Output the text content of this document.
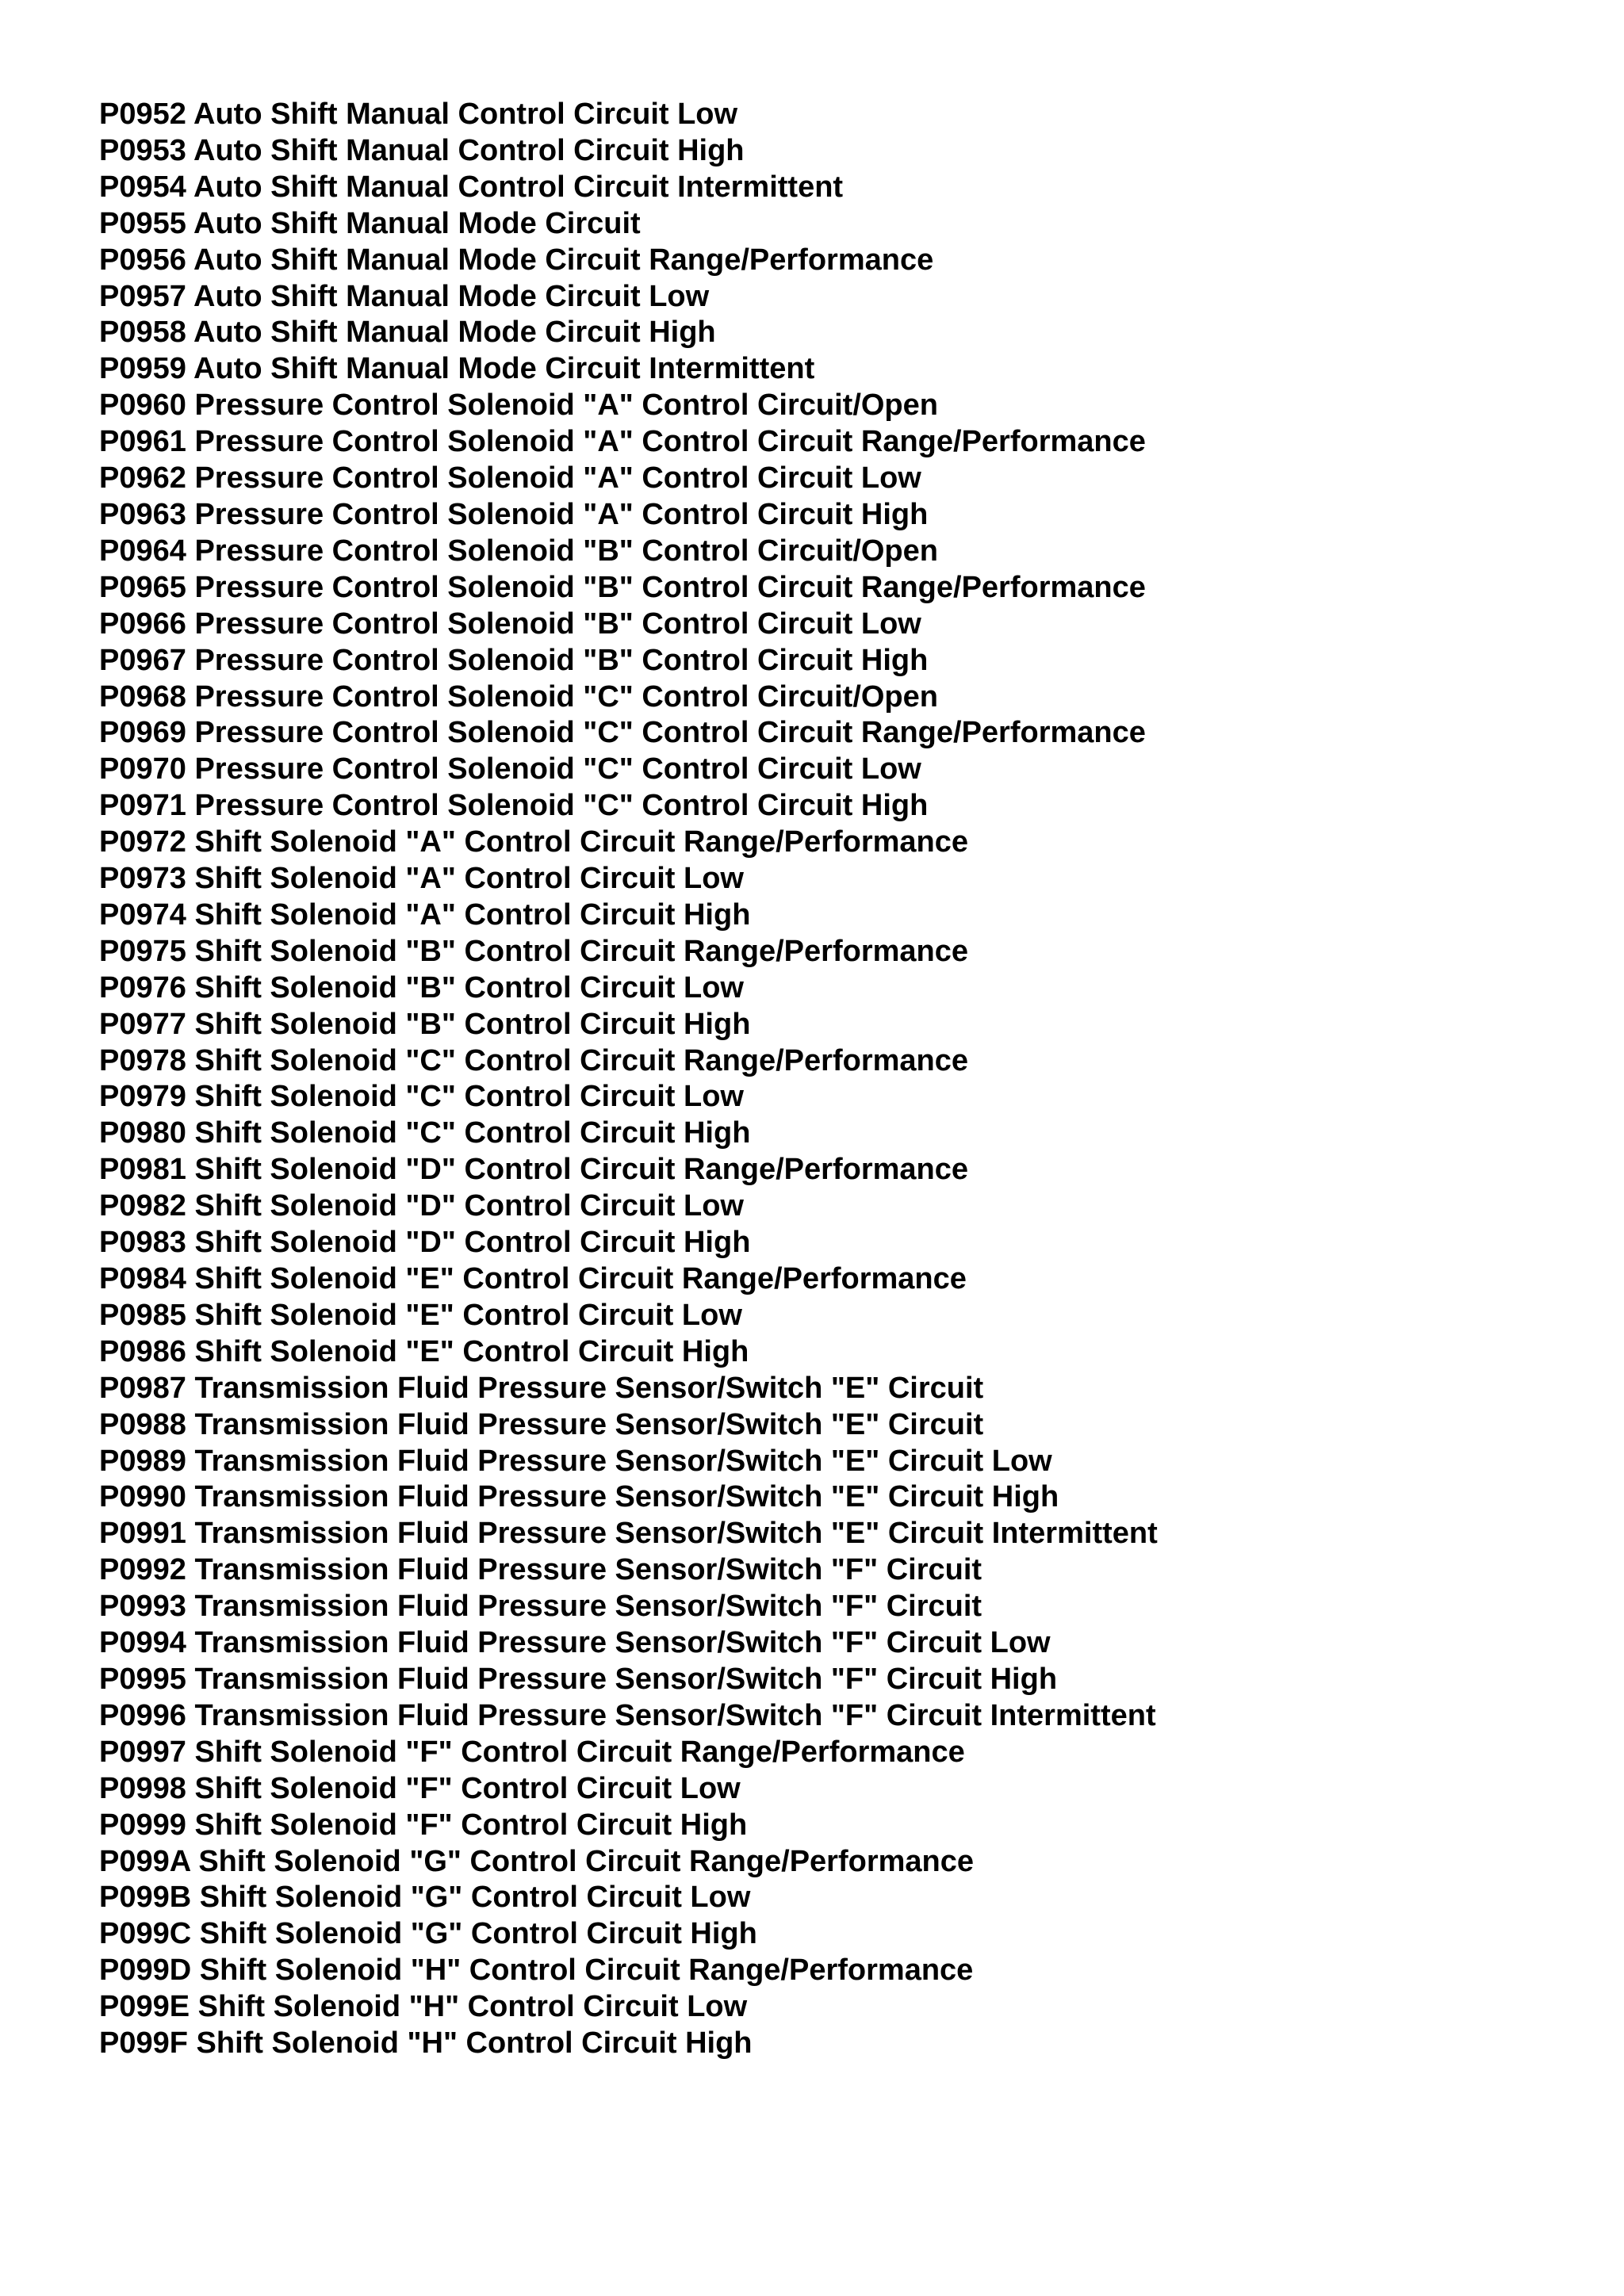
P0952 Auto Shift Manual Control Circuit Low
P0953 Auto Shift Manual Control Circuit High
P0954 Auto Shift Manual Control Circuit Intermittent
P0955 Auto Shift Manual Mode Circuit
P0956 Auto Shift Manual Mode Circuit Range/Performance
P0957 Auto Shift Manual Mode Circuit Low
P0958 Auto Shift Manual Mode Circuit High
P0959 Auto Shift Manual Mode Circuit Intermittent
P0960 Pressure Control Solenoid "A" Control Circuit/Open
P0961 Pressure Control Solenoid "A" Control Circuit Range/Performance
P0962 Pressure Control Solenoid "A" Control Circuit Low
P0963 Pressure Control Solenoid "A" Control Circuit High
P0964 Pressure Control Solenoid "B" Control Circuit/Open
P0965 Pressure Control Solenoid "B" Control Circuit Range/Performance
P0966 Pressure Control Solenoid "B" Control Circuit Low
P0967 Pressure Control Solenoid "B" Control Circuit High
P0968 Pressure Control Solenoid "C" Control Circuit/Open
P0969 Pressure Control Solenoid "C" Control Circuit Range/Performance
P0970 Pressure Control Solenoid "C" Control Circuit Low
P0971 Pressure Control Solenoid "C" Control Circuit High
P0972 Shift Solenoid "A" Control Circuit Range/Performance
P0973 Shift Solenoid "A" Control Circuit Low
P0974 Shift Solenoid "A" Control Circuit High
P0975 Shift Solenoid "B" Control Circuit Range/Performance
P0976 Shift Solenoid "B" Control Circuit Low
P0977 Shift Solenoid "B" Control Circuit High
P0978 Shift Solenoid "C" Control Circuit Range/Performance
P0979 Shift Solenoid "C" Control Circuit Low
P0980 Shift Solenoid "C" Control Circuit High
P0981 Shift Solenoid "D" Control Circuit Range/Performance
P0982 Shift Solenoid "D" Control Circuit Low
P0983 Shift Solenoid "D" Control Circuit High
P0984 Shift Solenoid "E" Control Circuit Range/Performance
P0985 Shift Solenoid "E" Control Circuit Low
P0986 Shift Solenoid "E" Control Circuit High
P0987 Transmission Fluid Pressure Sensor/Switch "E" Circuit
P0988 Transmission Fluid Pressure Sensor/Switch "E" Circuit
P0989 Transmission Fluid Pressure Sensor/Switch "E" Circuit Low
P0990 Transmission Fluid Pressure Sensor/Switch "E" Circuit High
P0991 Transmission Fluid Pressure Sensor/Switch "E" Circuit Intermittent
P0992 Transmission Fluid Pressure Sensor/Switch "F" Circuit
P0993 Transmission Fluid Pressure Sensor/Switch "F" Circuit
P0994 Transmission Fluid Pressure Sensor/Switch "F" Circuit Low
P0995 Transmission Fluid Pressure Sensor/Switch "F" Circuit High
P0996 Transmission Fluid Pressure Sensor/Switch "F" Circuit Intermittent
P0997 Shift Solenoid "F" Control Circuit Range/Performance
P0998 Shift Solenoid "F" Control Circuit Low
P0999 Shift Solenoid "F" Control Circuit High
P099A Shift Solenoid "G" Control Circuit Range/Performance
P099B Shift Solenoid "G" Control Circuit Low
P099C Shift Solenoid "G" Control Circuit High
P099D Shift Solenoid "H" Control Circuit Range/Performance
P099E Shift Solenoid "H" Control Circuit Low
P099F Shift Solenoid "H" Control Circuit High
